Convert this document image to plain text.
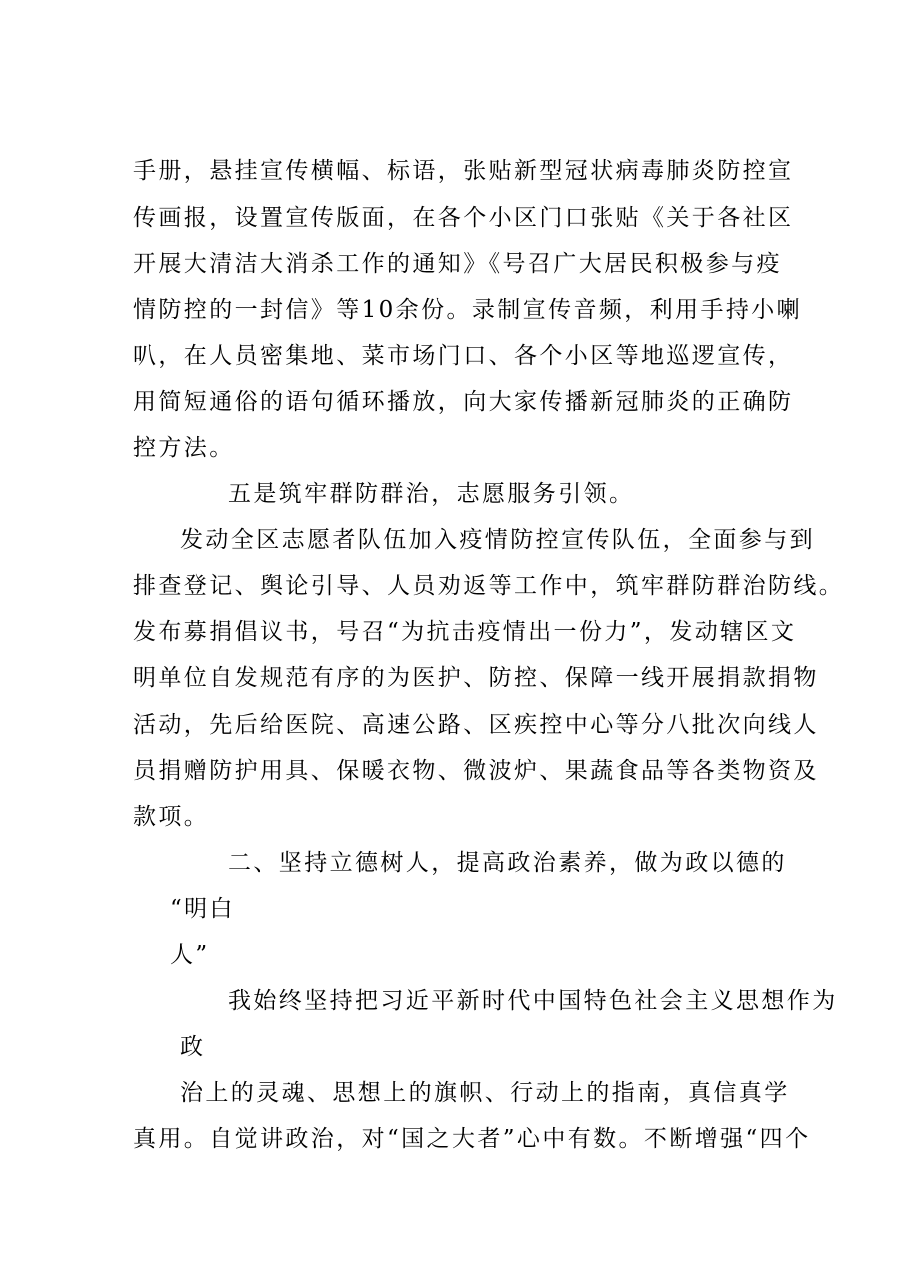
手册，悬挂宣传横幅、标语，张贴新型冠状病毒肺炎防控宣
传画报，设置宣传版面，在各个小区门口张贴《关于各社区
开展大清洁大消杀工作的通知》《号召广大居民积极参与疫
情防控的一封信》等10余份。录制宣传音频，利用手持小喇
叭，在人员密集地、菜市场门口、各个小区等地巡逻宣传，
用简短通俗的语句循环播放，向大家传播新冠肺炎的正确防
控方法。
五是筑牢群防群治，志愿服务引领。
发动全区志愿者队伍加入疫情防控宣传队伍，全面参与到
排查登记、舆论引导、人员劝返等工作中，筑牢群防群治防线。
发布募捐倡议书，号召“为抗击疫情出一份力”，发动辖区文
明单位自发规范有序的为医护、防控、保障一线开展捐款捐物
活动，先后给医院、高速公路、区疾控中心等分八批次向线人
员捐赠防护用具、保暖衣物、微波炉、果蔬食品等各类物资及
款项。
二、坚持立德树人，提高政治素养，做为政以德的
“明白
人”
我始终坚持把习近平新时代中国特色社会主义思想作为
政
治上的灵魂、思想上的旗帜、行动上的指南，真信真学
真用。自觉讲政治，对“国之大者”心中有数。不断增强“四个
